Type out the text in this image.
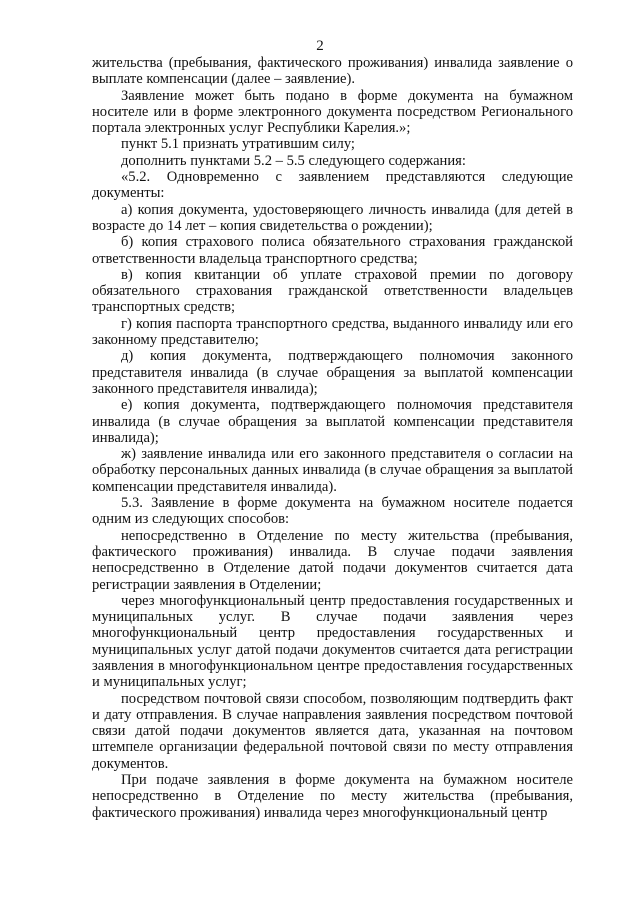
2

жительства (пребывания, фактического проживания) инвалида заявление о выплате компенсации (далее – заявление).

Заявление может быть подано в форме документа на бумажном носителе или в форме электронного документа посредством Регионального портала электронных услуг Республики Карелия.»;

пункт 5.1 признать утратившим силу;

дополнить пунктами 5.2 – 5.5 следующего содержания:

«5.2. Одновременно с заявлением представляются следующие документы:

а) копия документа, удостоверяющего личность инвалида (для детей в возрасте до 14 лет – копия свидетельства о рождении);

б) копия страхового полиса обязательного страхования гражданской ответственности владельца транспортного средства;

в) копия квитанции об уплате страховой премии по договору обязательного страхования гражданской ответственности владельцев транспортных средств;

г) копия паспорта транспортного средства, выданного инвалиду или его законному представителю;

д) копия документа, подтверждающего полномочия законного представителя инвалида (в случае обращения за выплатой компенсации законного представителя инвалида);

е) копия документа, подтверждающего полномочия представителя инвалида (в случае обращения за выплатой компенсации представителя инвалида);

ж) заявление инвалида или его законного представителя о согласии на обработку персональных данных инвалида (в случае обращения за выплатой компенсации представителя инвалида).

5.3. Заявление в форме документа на бумажном носителе подается одним из следующих способов:

непосредственно в Отделение по месту жительства (пребывания, фактического проживания) инвалида. В случае подачи заявления непосредственно в Отделение датой подачи документов считается дата регистрации заявления в Отделении;

через многофункциональный центр предоставления государственных и муниципальных услуг. В случае подачи заявления через многофункциональный центр предоставления государственных и муниципальных услуг датой подачи документов считается дата регистрации заявления в многофункциональном центре предоставления государственных и муниципальных услуг;

посредством почтовой связи способом, позволяющим подтвердить факт и дату отправления. В случае направления заявления посредством почтовой связи датой подачи документов является дата, указанная на почтовом штемпеле организации федеральной почтовой связи по месту отправления документов.

При подаче заявления в форме документа на бумажном носителе непосредственно в Отделение по месту жительства (пребывания, фактического проживания) инвалида через многофункциональный центр
